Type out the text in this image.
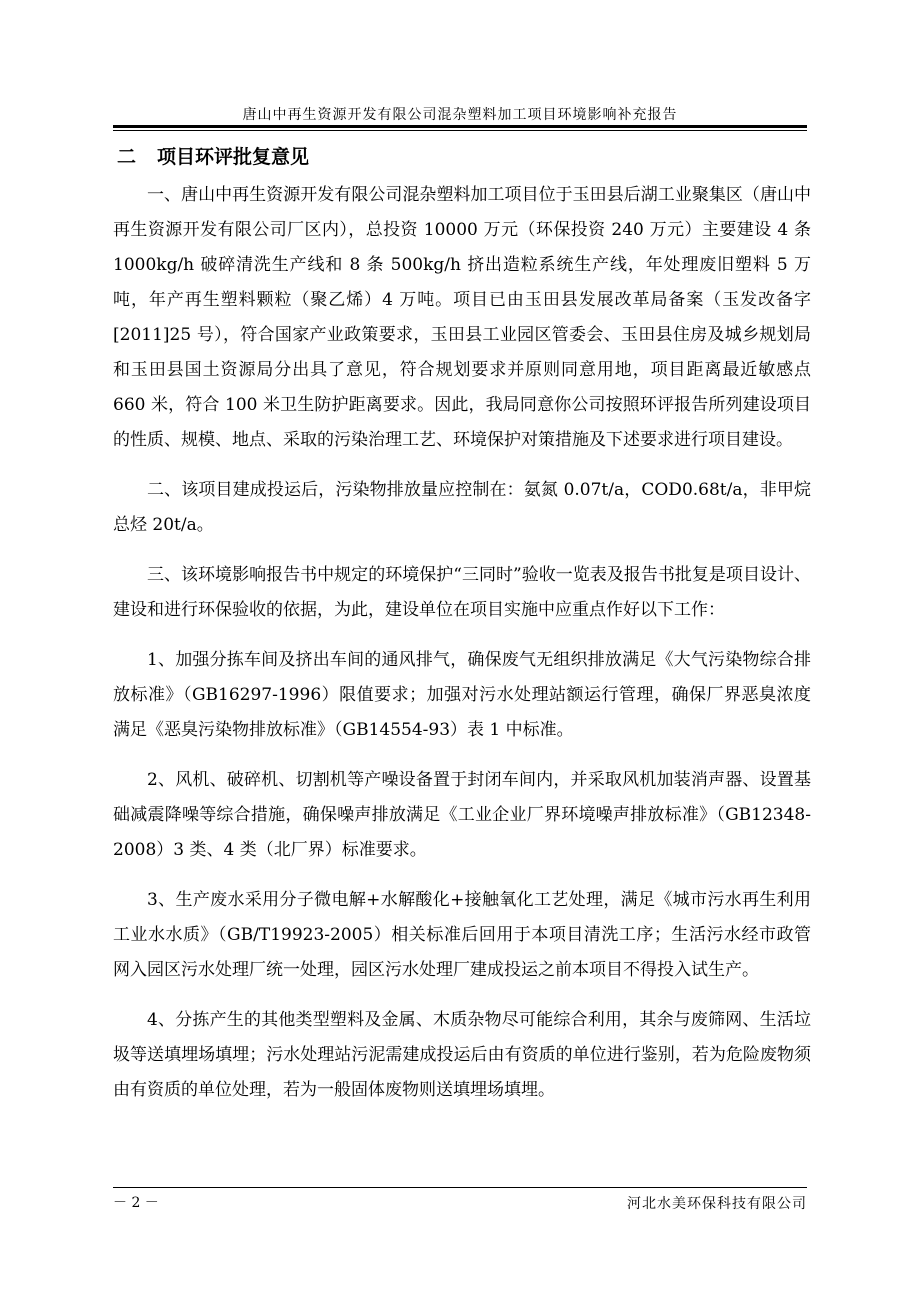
唐山中再生资源开发有限公司混杂塑料加工项目环境影响补充报告
二 项目环评批复意见

一、唐山中再生资源开发有限公司混杂塑料加工项目位于玉田县后湖工业聚集区（唐山中再生资源开发有限公司厂区内），总投资 10000 万元（环保投资 240 万元）主要建设 4 条 1000kg/h 破碎清洗生产线和 8 条 500kg/h 挤出造粒系统生产线，年处理废旧塑料 5 万吨，年产再生塑料颗粒（聚乙烯）4 万吨。项目已由玉田县发展改革局备案（玉发改备字[2011]25 号），符合国家产业政策要求，玉田县工业园区管委会、玉田县住房及城乡规划局和玉田县国土资源局分出具了意见，符合规划要求并原则同意用地，项目距离最近敏感点 660 米，符合 100 米卫生防护距离要求。因此，我局同意你公司按照环评报告所列建设项目的性质、规模、地点、采取的污染治理工艺、环境保护对策措施及下述要求进行项目建设。

二、该项目建成投运后，污染物排放量应控制在：氨氮 0.07t/a，COD0.68t/a，非甲烷总烃 20t/a。

三、该环境影响报告书中规定的环境保护“三同时”验收一览表及报告书批复是项目设计、建设和进行环保验收的依据，为此，建设单位在项目实施中应重点作好以下工作：

1、加强分拣车间及挤出车间的通风排气，确保废气无组织排放满足《大气污染物综合排放标准》（GB16297-1996）限值要求；加强对污水处理站额运行管理，确保厂界恶臭浓度满足《恶臭污染物排放标准》（GB14554-93）表 1 中标准。

2、风机、破碎机、切割机等产噪设备置于封闭车间内，并采取风机加装消声器、设置基础减震降噪等综合措施，确保噪声排放满足《工业企业厂界环境噪声排放标准》（GB12348-2008）3 类、4 类（北厂界）标准要求。

3、生产废水采用分子微电解+水解酸化+接触氧化工艺处理，满足《城市污水再生利用 工业水水质》（GB/T19923-2005）相关标准后回用于本项目清洗工序；生活污水经市政管网入园区污水处理厂统一处理，园区污水处理厂建成投运之前本项目不得投入试生产。

4、分拣产生的其他类型塑料及金属、木质杂物尽可能综合利用，其余与废筛网、生活垃圾等送填埋场填埋；污水处理站污泥需建成投运后由有资质的单位进行鉴别，若为危险废物须由有资质的单位处理，若为一般固体废物则送填埋场填埋。

－ 2 －	河北水美环保科技有限公司
